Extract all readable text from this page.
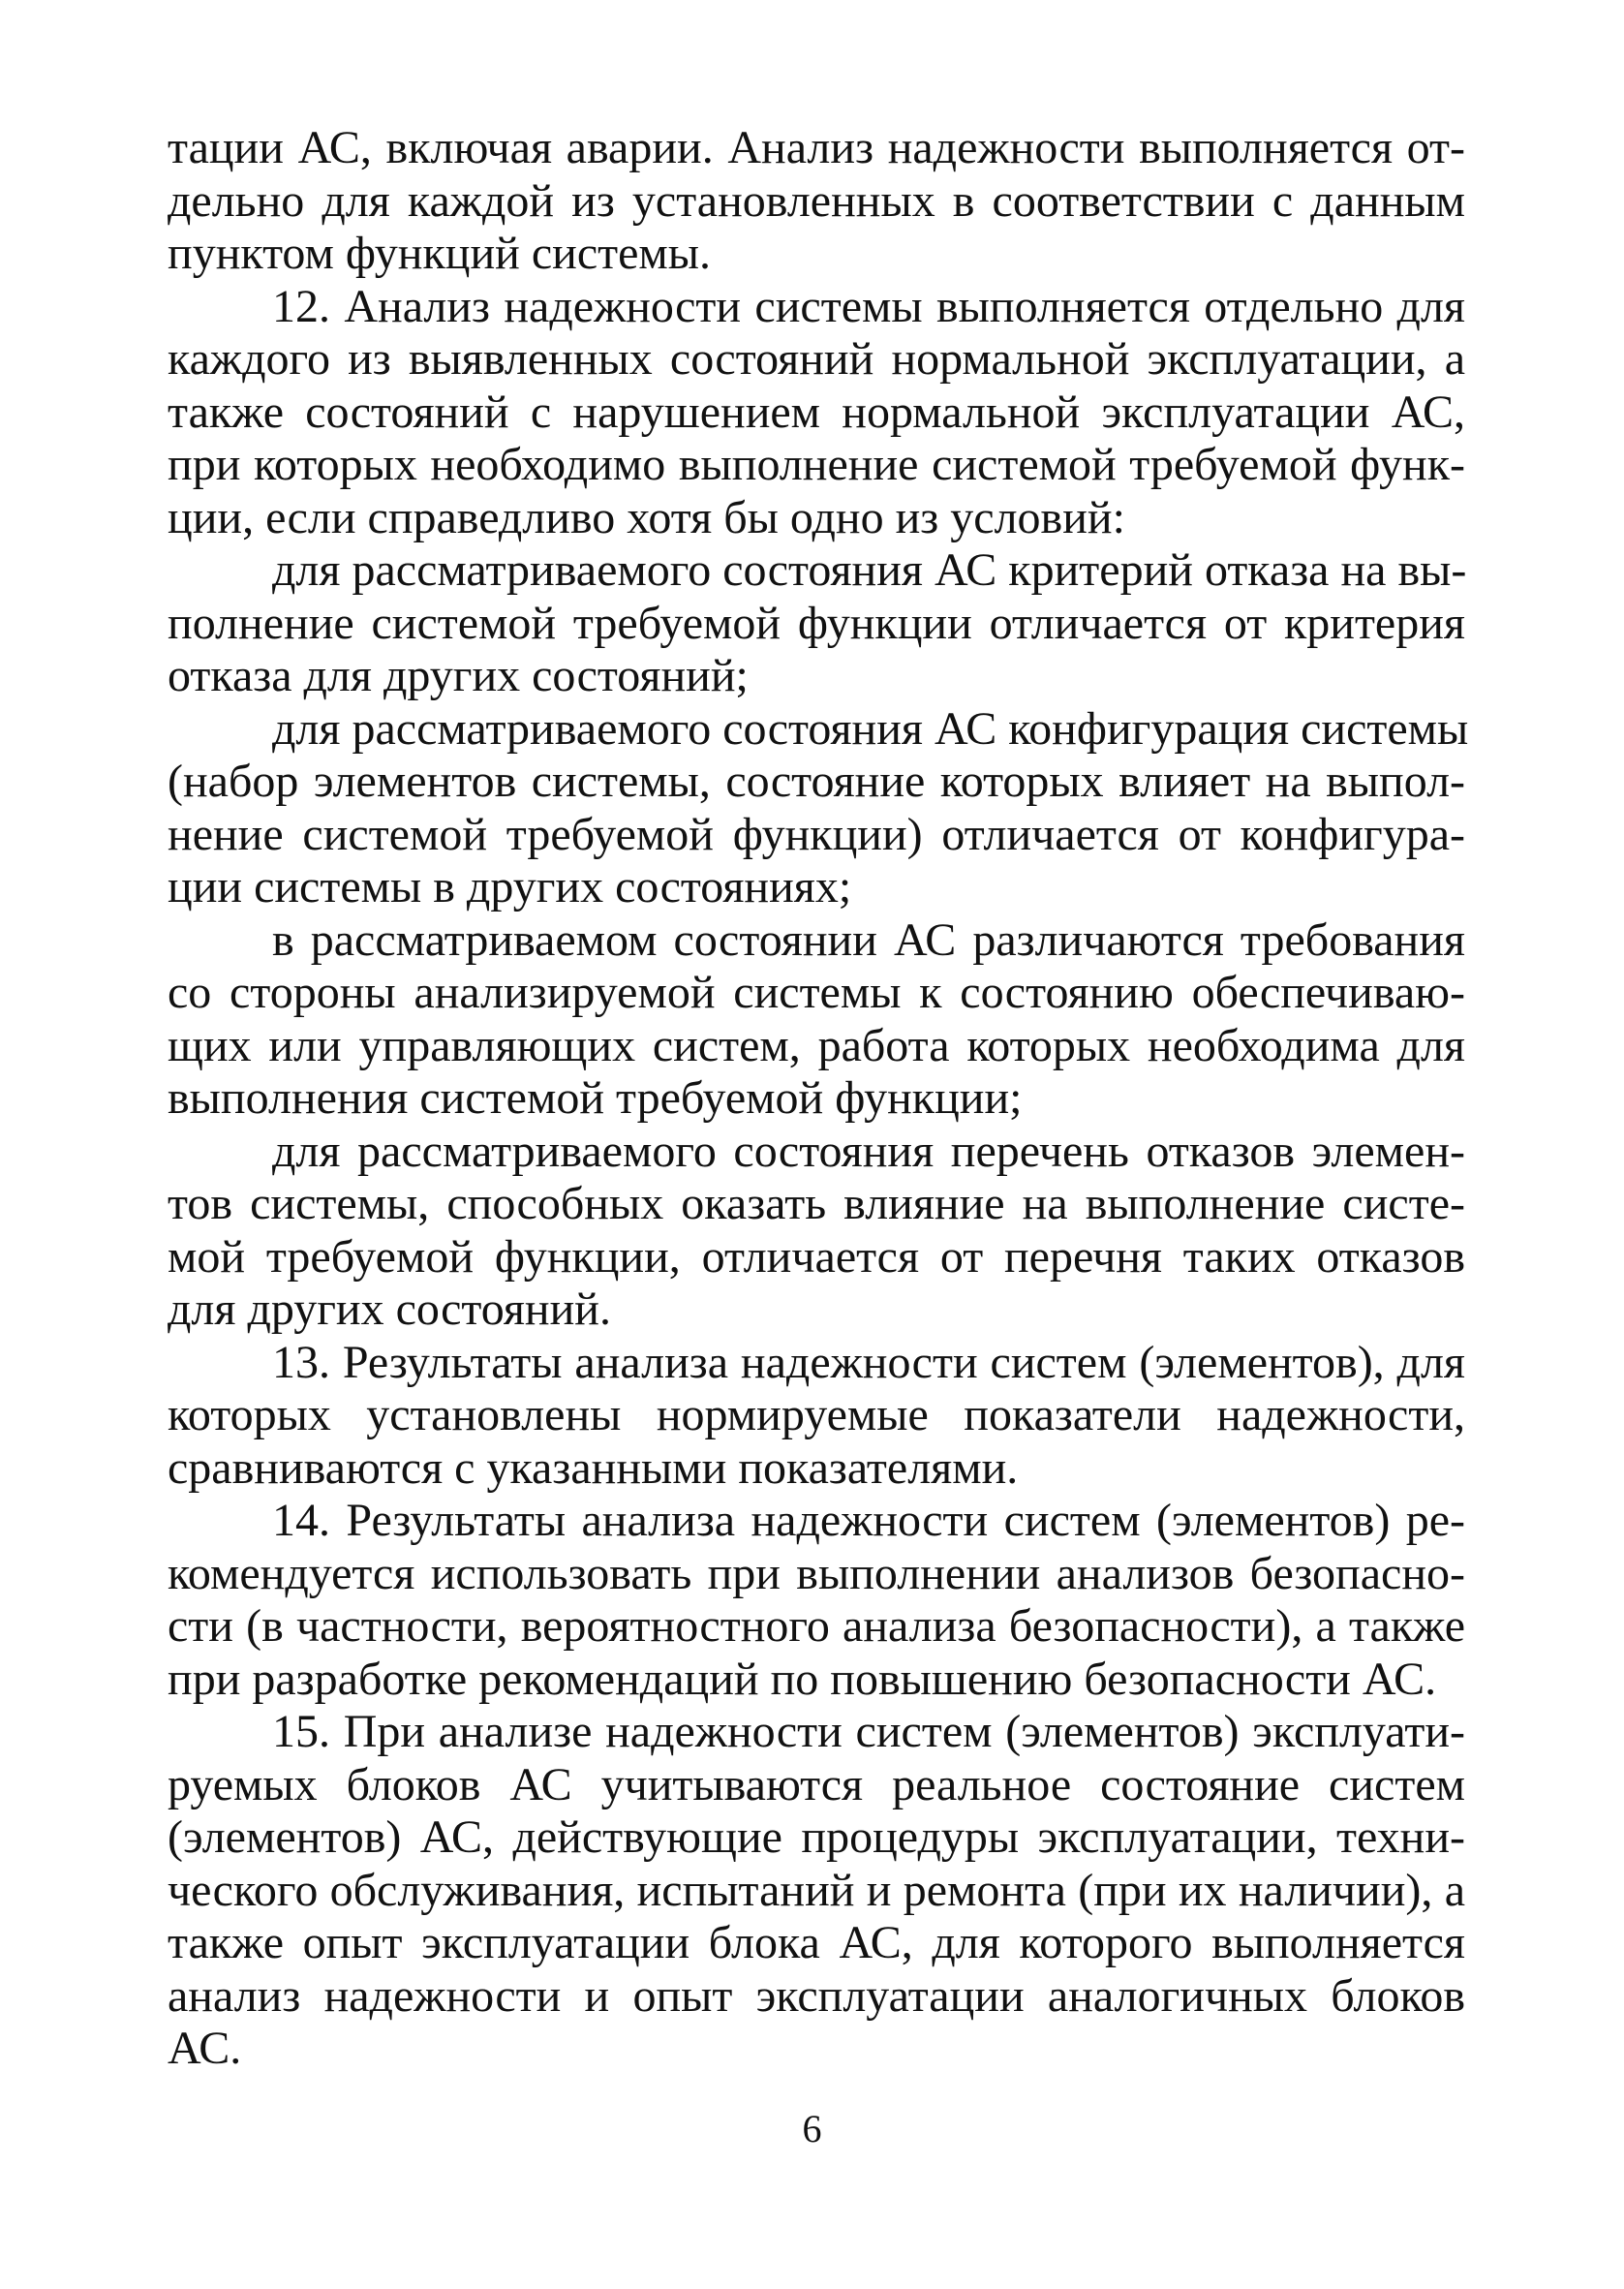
тации АС, включая аварии. Анализ надежности выполняется от-
дельно для каждой из установленных в соответствии с данным
пунктом функций системы.
12. Анализ надежности системы выполняется отдельно для
каждого из выявленных состояний нормальной эксплуатации, а
также состояний с нарушением нормальной эксплуатации АС,
при которых необходимо выполнение системой требуемой функ-
ции, если справедливо хотя бы одно из условий:
для рассматриваемого состояния АС критерий отказа на вы-
полнение системой требуемой функции отличается от критерия
отказа для других состояний;
для рассматриваемого состояния АС конфигурация системы
(набор элементов системы, состояние которых влияет на выпол-
нение системой требуемой функции) отличается от конфигура-
ции системы в других состояниях;
в рассматриваемом состоянии АС различаются требования
со стороны анализируемой системы к состоянию обеспечиваю-
щих или управляющих систем, работа которых необходима для
выполнения системой требуемой функции;
для рассматриваемого состояния перечень отказов элемен-
тов системы, способных оказать влияние на выполнение систе-
мой требуемой функции, отличается от перечня таких отказов
для других состояний.
13. Результаты анализа надежности систем (элементов), для
которых установлены нормируемые показатели надежности,
сравниваются с указанными показателями.
14. Результаты анализа надежности систем (элементов) ре-
комендуется использовать при выполнении анализов безопасно-
сти (в частности, вероятностного анализа безопасности), а также
при разработке рекомендаций по повышению безопасности АС.
15. При анализе надежности систем (элементов) эксплуати-
руемых блоков АС учитываются реальное состояние систем
(элементов) АС, действующие процедуры эксплуатации, техни-
ческого обслуживания, испытаний и ремонта (при их наличии), а
также опыт эксплуатации блока АС, для которого выполняется
анализ надежности и опыт эксплуатации аналогичных блоков
АС.
6
